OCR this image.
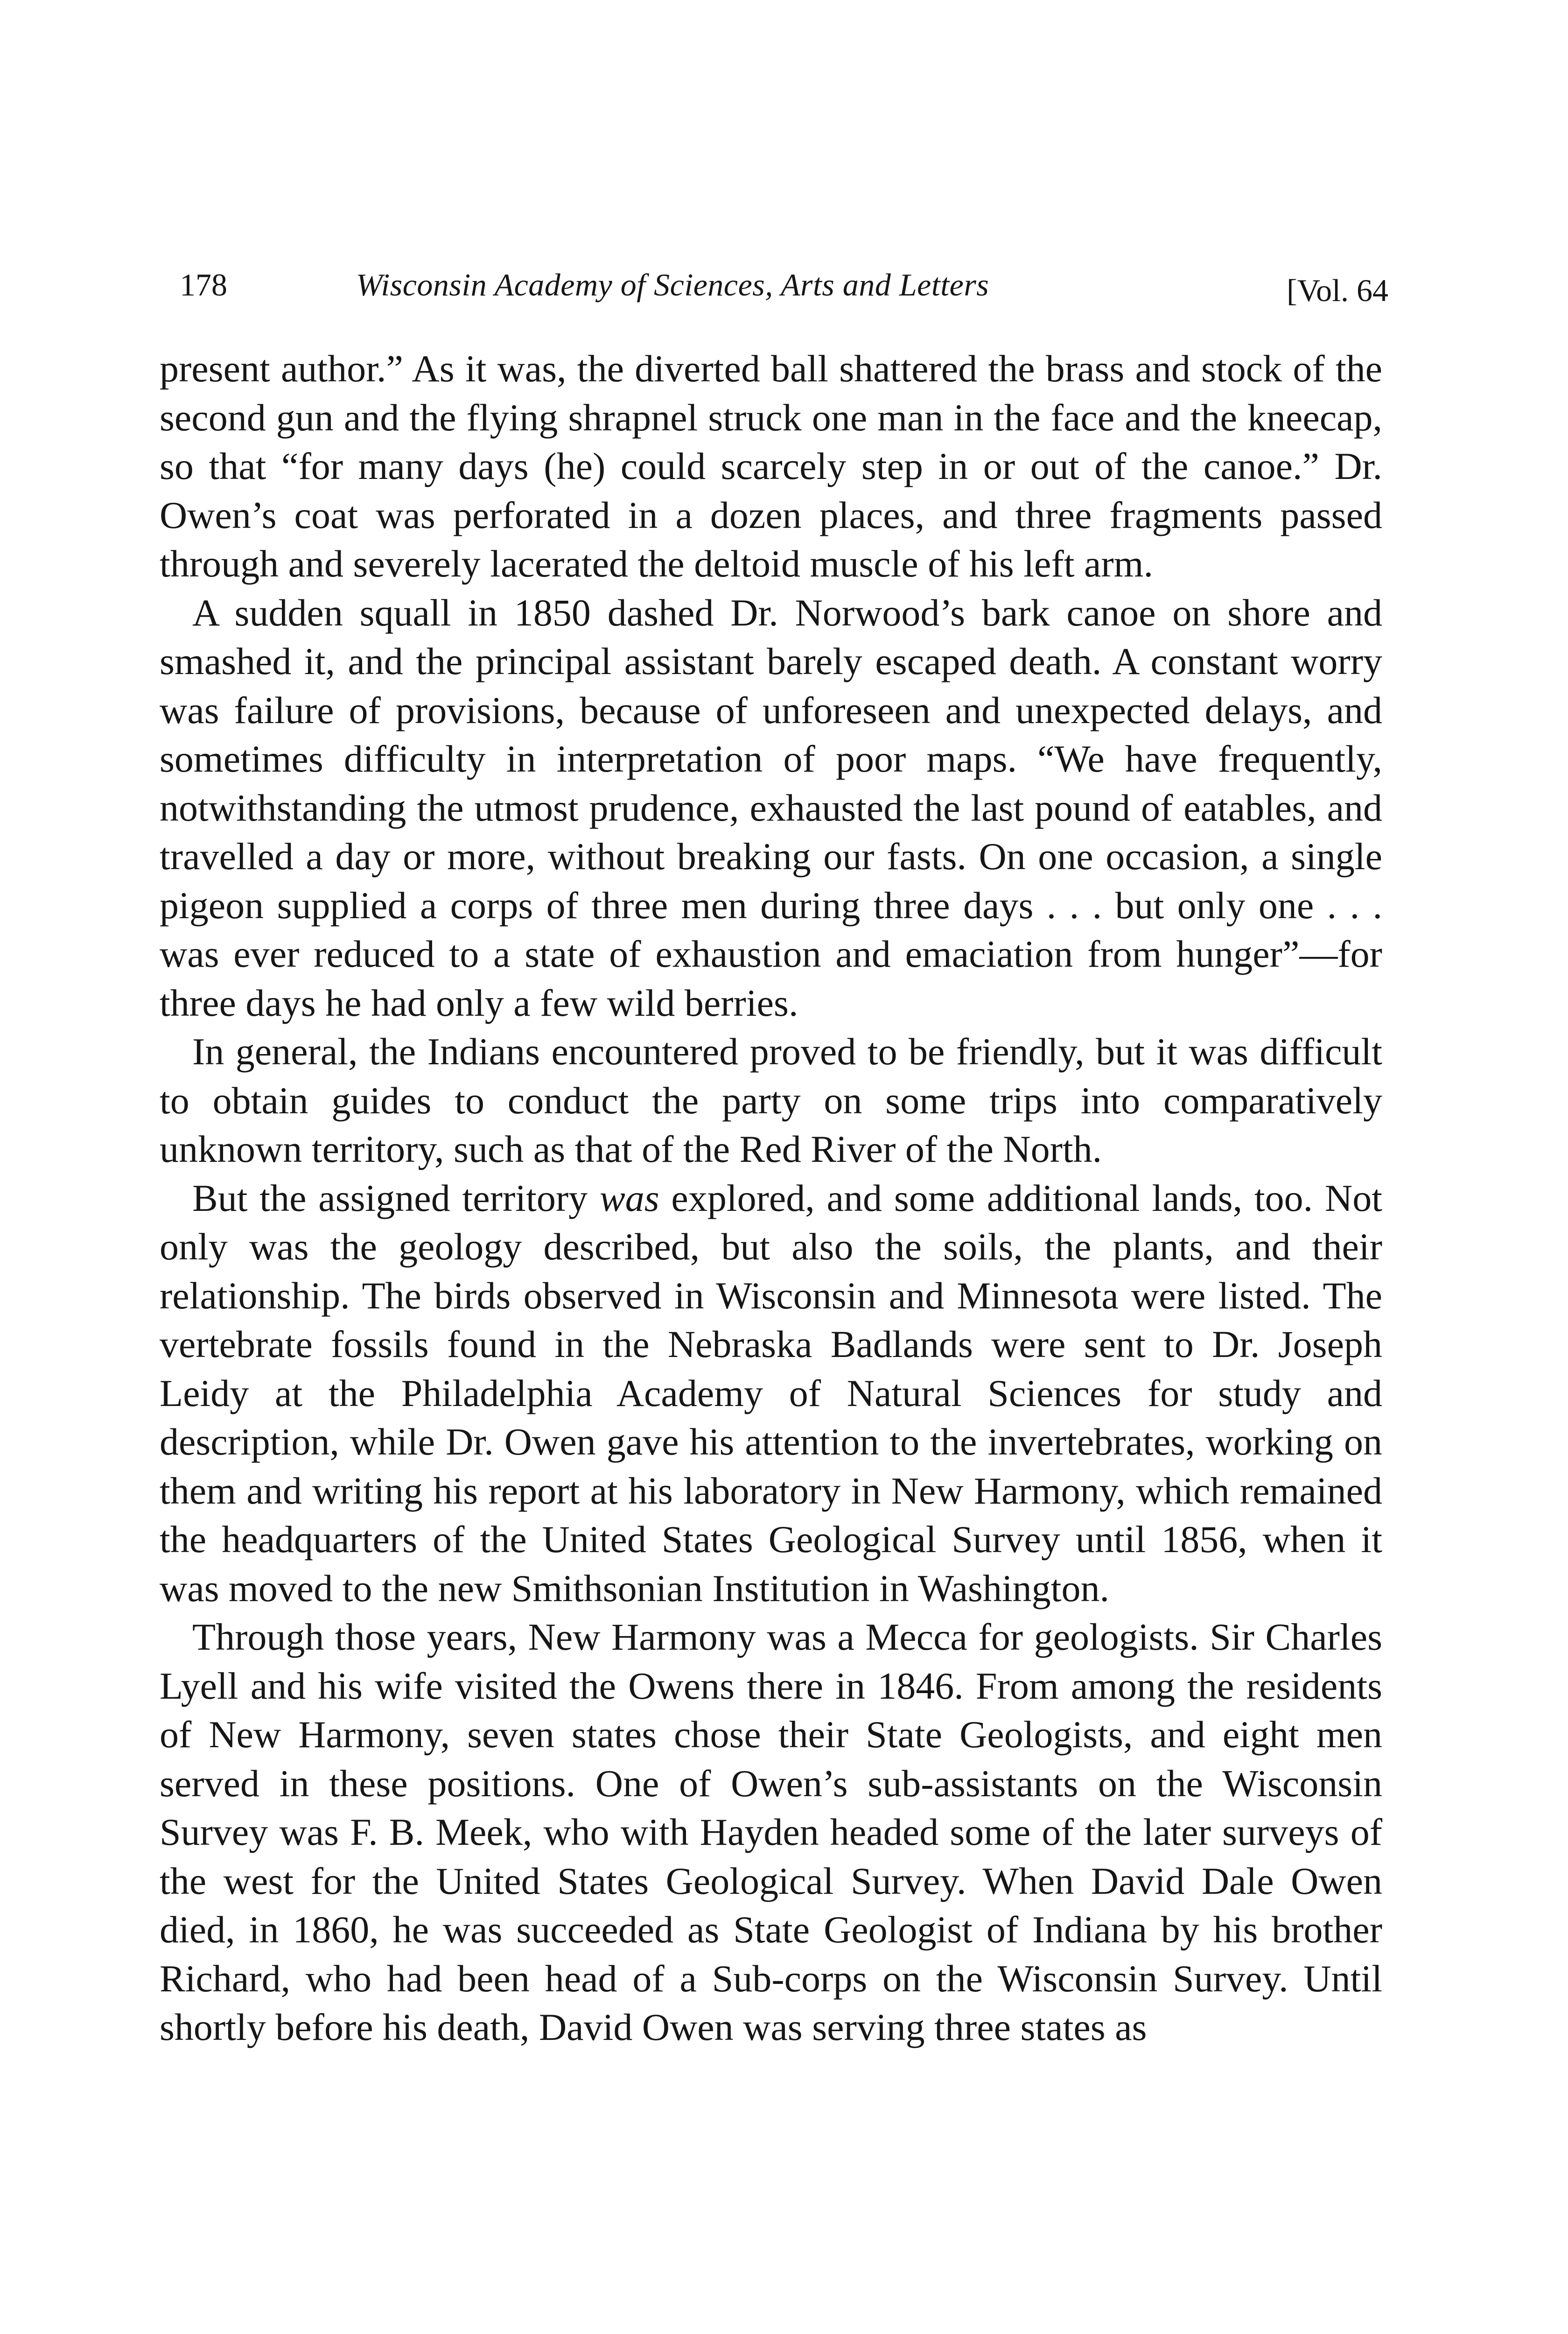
178	Wisconsin Academy of Sciences, Arts and Letters	[Vol. 64

present author.” As it was, the diverted ball shattered the brass and stock of the second gun and the flying shrapnel struck one man in the face and the kneecap, so that “for many days (he) could scarcely step in or out of the canoe.” Dr. Owen’s coat was perforated in a dozen places, and three fragments passed through and severely lacerated the deltoid muscle of his left arm.

A sudden squall in 1850 dashed Dr. Norwood’s bark canoe on shore and smashed it, and the principal assistant barely escaped death. A constant worry was failure of provisions, because of unforeseen and unexpected delays, and sometimes difficulty in interpretation of poor maps. “We have frequently, notwithstanding the utmost prudence, exhausted the last pound of eatables, and travelled a day or more, without breaking our fasts. On one occasion, a single pigeon supplied a corps of three men during three days . . . but only one . . . was ever reduced to a state of exhaustion and emaciation from hunger”—for three days he had only a few wild berries.

In general, the Indians encountered proved to be friendly, but it was difficult to obtain guides to conduct the party on some trips into comparatively unknown territory, such as that of the Red River of the North.

But the assigned territory was explored, and some additional lands, too. Not only was the geology described, but also the soils, the plants, and their relationship. The birds observed in Wisconsin and Minnesota were listed. The vertebrate fossils found in the Nebraska Badlands were sent to Dr. Joseph Leidy at the Philadelphia Academy of Natural Sciences for study and description, while Dr. Owen gave his attention to the invertebrates, working on them and writing his report at his laboratory in New Harmony, which remained the headquarters of the United States Geological Survey until 1856, when it was moved to the new Smithsonian Institution in Washington.

Through those years, New Harmony was a Mecca for geologists. Sir Charles Lyell and his wife visited the Owens there in 1846. From among the residents of New Harmony, seven states chose their State Geologists, and eight men served in these positions. One of Owen’s sub-assistants on the Wisconsin Survey was F. B. Meek, who with Hayden headed some of the later surveys of the west for the United States Geological Survey. When David Dale Owen died, in 1860, he was succeeded as State Geologist of Indiana by his brother Richard, who had been head of a Sub-corps on the Wisconsin Survey. Until shortly before his death, David Owen was serving three states as
